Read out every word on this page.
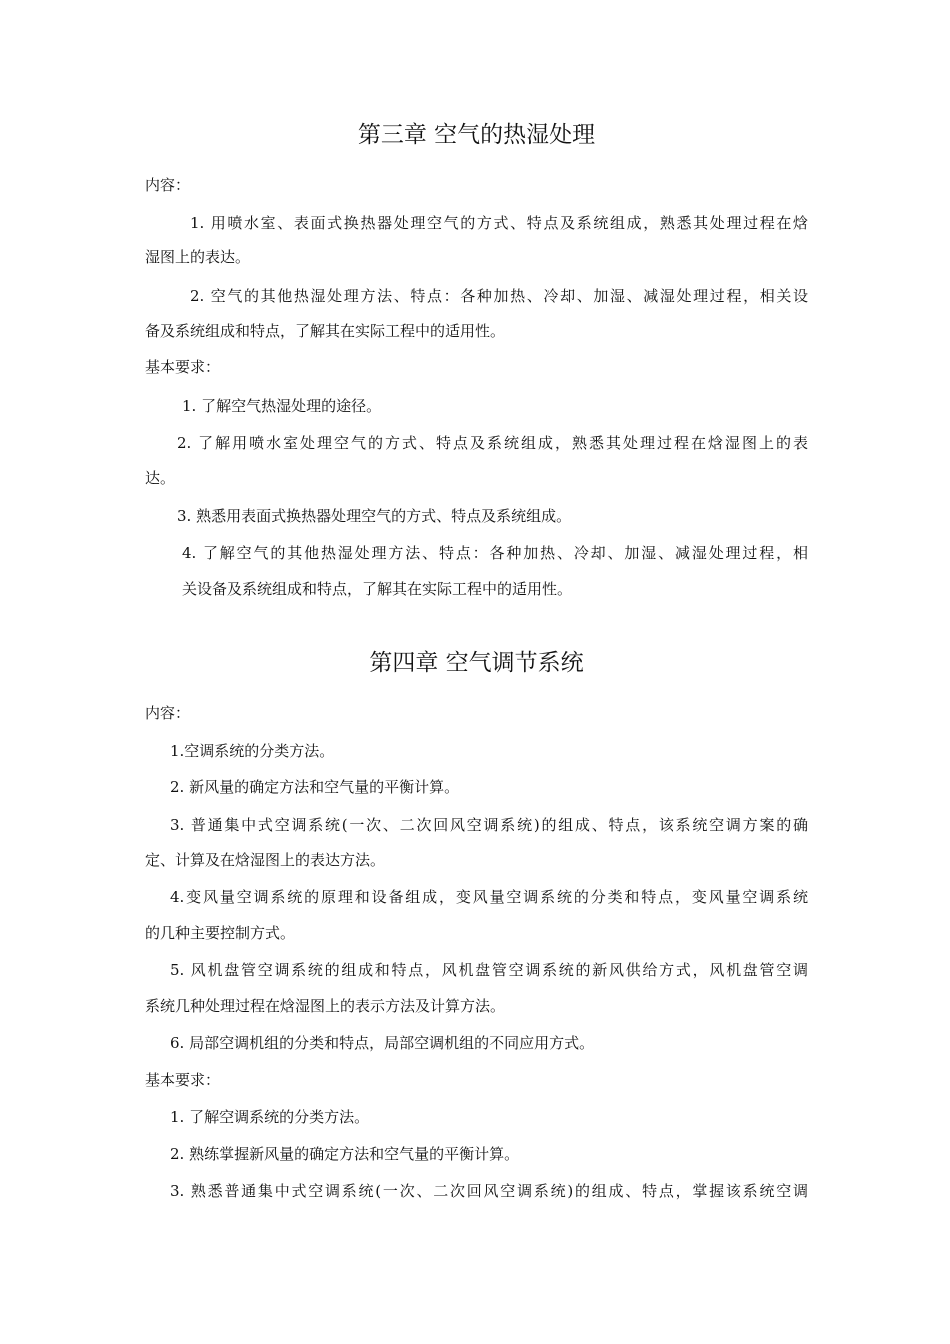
第三章 空气的热湿处理
内容：
1. 用喷水室、表面式换热器处理空气的方式、特点及系统组成，熟悉其处理过程在焓
湿图上的表达。
2. 空气的其他热湿处理方法、特点：各种加热、冷却、加湿、减湿处理过程，相关设
备及系统组成和特点，了解其在实际工程中的适用性。
基本要求：
1. 了解空气热湿处理的途径。
2. 了解用喷水室处理空气的方式、特点及系统组成，熟悉其处理过程在焓湿图上的表
达。
3. 熟悉用表面式换热器处理空气的方式、特点及系统组成。
4. 了解空气的其他热湿处理方法、特点：各种加热、冷却、加湿、减湿处理过程，相
关设备及系统组成和特点，了解其在实际工程中的适用性。
第四章 空气调节系统
内容：
1.空调系统的分类方法。
2. 新风量的确定方法和空气量的平衡计算。
3. 普通集中式空调系统(一次、二次回风空调系统)的组成、特点，该系统空调方案的确
定、计算及在焓湿图上的表达方法。
4.变风量空调系统的原理和设备组成，变风量空调系统的分类和特点，变风量空调系统
的几种主要控制方式。
5. 风机盘管空调系统的组成和特点，风机盘管空调系统的新风供给方式，风机盘管空调
系统几种处理过程在焓湿图上的表示方法及计算方法。
6. 局部空调机组的分类和特点，局部空调机组的不同应用方式。
基本要求：
1. 了解空调系统的分类方法。
2. 熟练掌握新风量的确定方法和空气量的平衡计算。
3. 熟悉普通集中式空调系统(一次、二次回风空调系统)的组成、特点，掌握该系统空调
